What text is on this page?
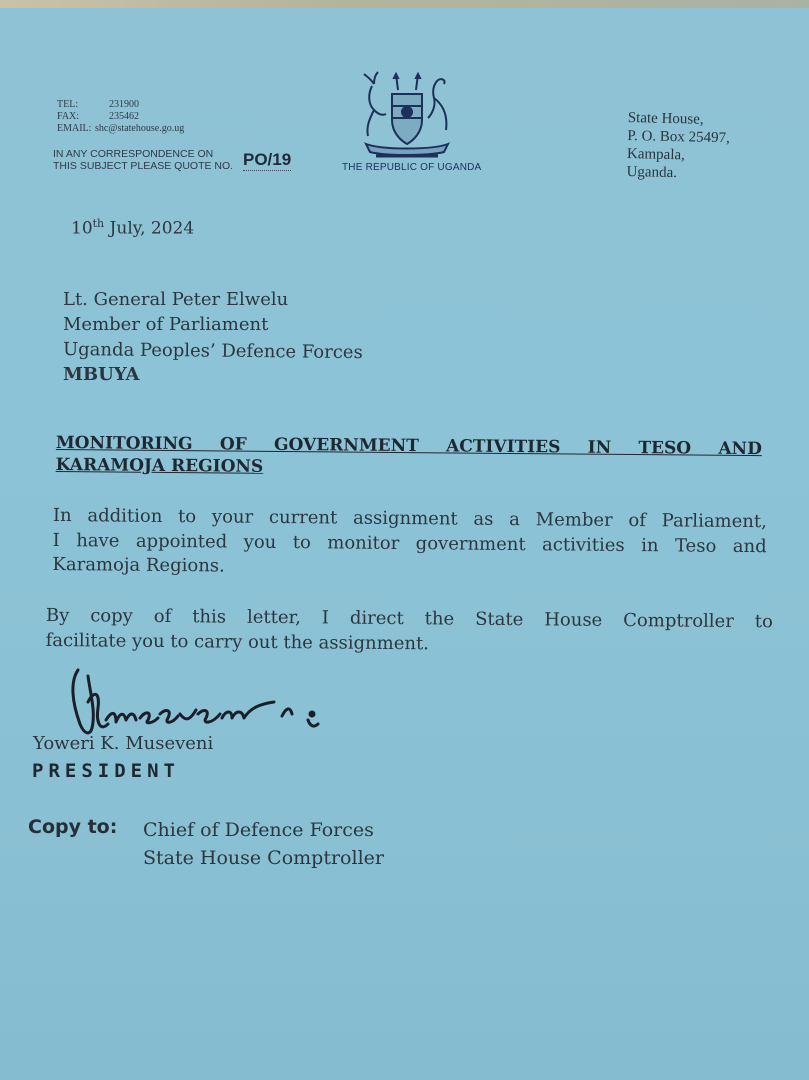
TEL:	231900
FAX:	235462
EMAIL: shc@statehouse.go.ug
IN ANY CORRESPONDENCE ON
THIS SUBJECT PLEASE QUOTE NO. PO/19	THE REPUBLIC OF UGANDA
State House,
P. O. Box 25497,
Kampala,
Uganda.
10th July, 2024
Lt. General Peter Elwelu
Member of Parliament
Uganda Peoples’ Defence Forces
MBUYA
MONITORING OF GOVERNMENT ACTIVITIES IN TESO AND
KARAMOJA REGIONS
In addition to your current assignment as a Member of Parliament,
I have appointed you to monitor government activities in Teso and
Karamoja Regions.
By copy of this letter, I direct the State House Comptroller to
facilitate you to carry out the assignment.
Yoweri K. Museveni
PRESIDENT
Copy to: Chief of Defence Forces
State House Comptroller
